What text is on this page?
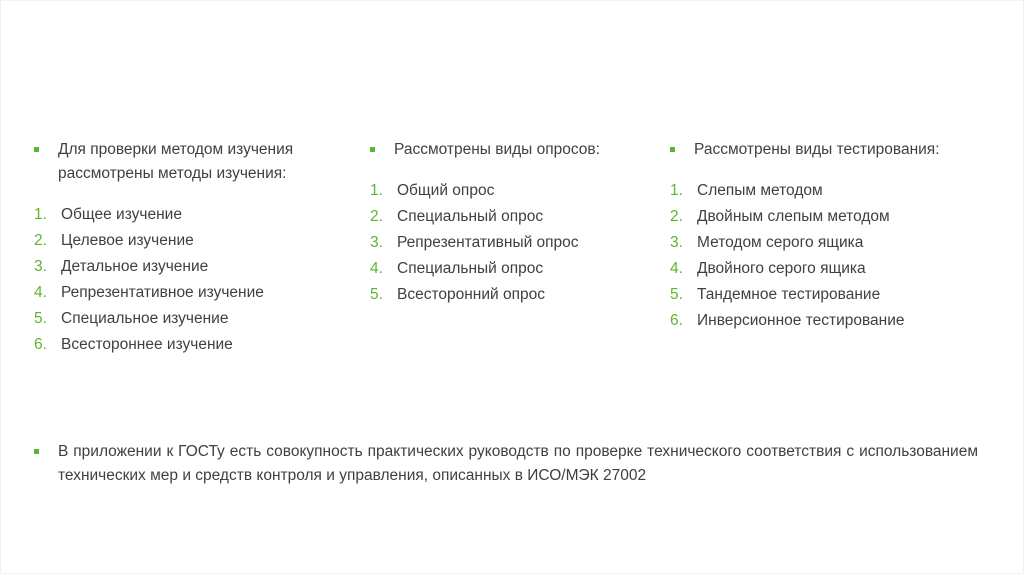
Для проверки методом изучения рассмотрены методы изучения:
1. Общее изучение
2. Целевое изучение
3. Детальное изучение
4. Репрезентативное изучение
5. Специальное изучение
6. Всестороннее изучение
Рассмотрены виды опросов:
1. Общий опрос
2. Специальный опрос
3. Репрезентативный опрос
4. Специальный опрос
5. Всесторонний опрос
Рассмотрены виды тестирования:
1. Слепым методом
2. Двойным слепым методом
3. Методом серого ящика
4. Двойного серого ящика
5. Тандемное тестирование
6. Инверсионное тестирование
В приложении к ГОСТу есть совокупность практических руководств по проверке технического соответствия с использованием технических мер и средств контроля и управления, описанных в ИСО/МЭК 27002
